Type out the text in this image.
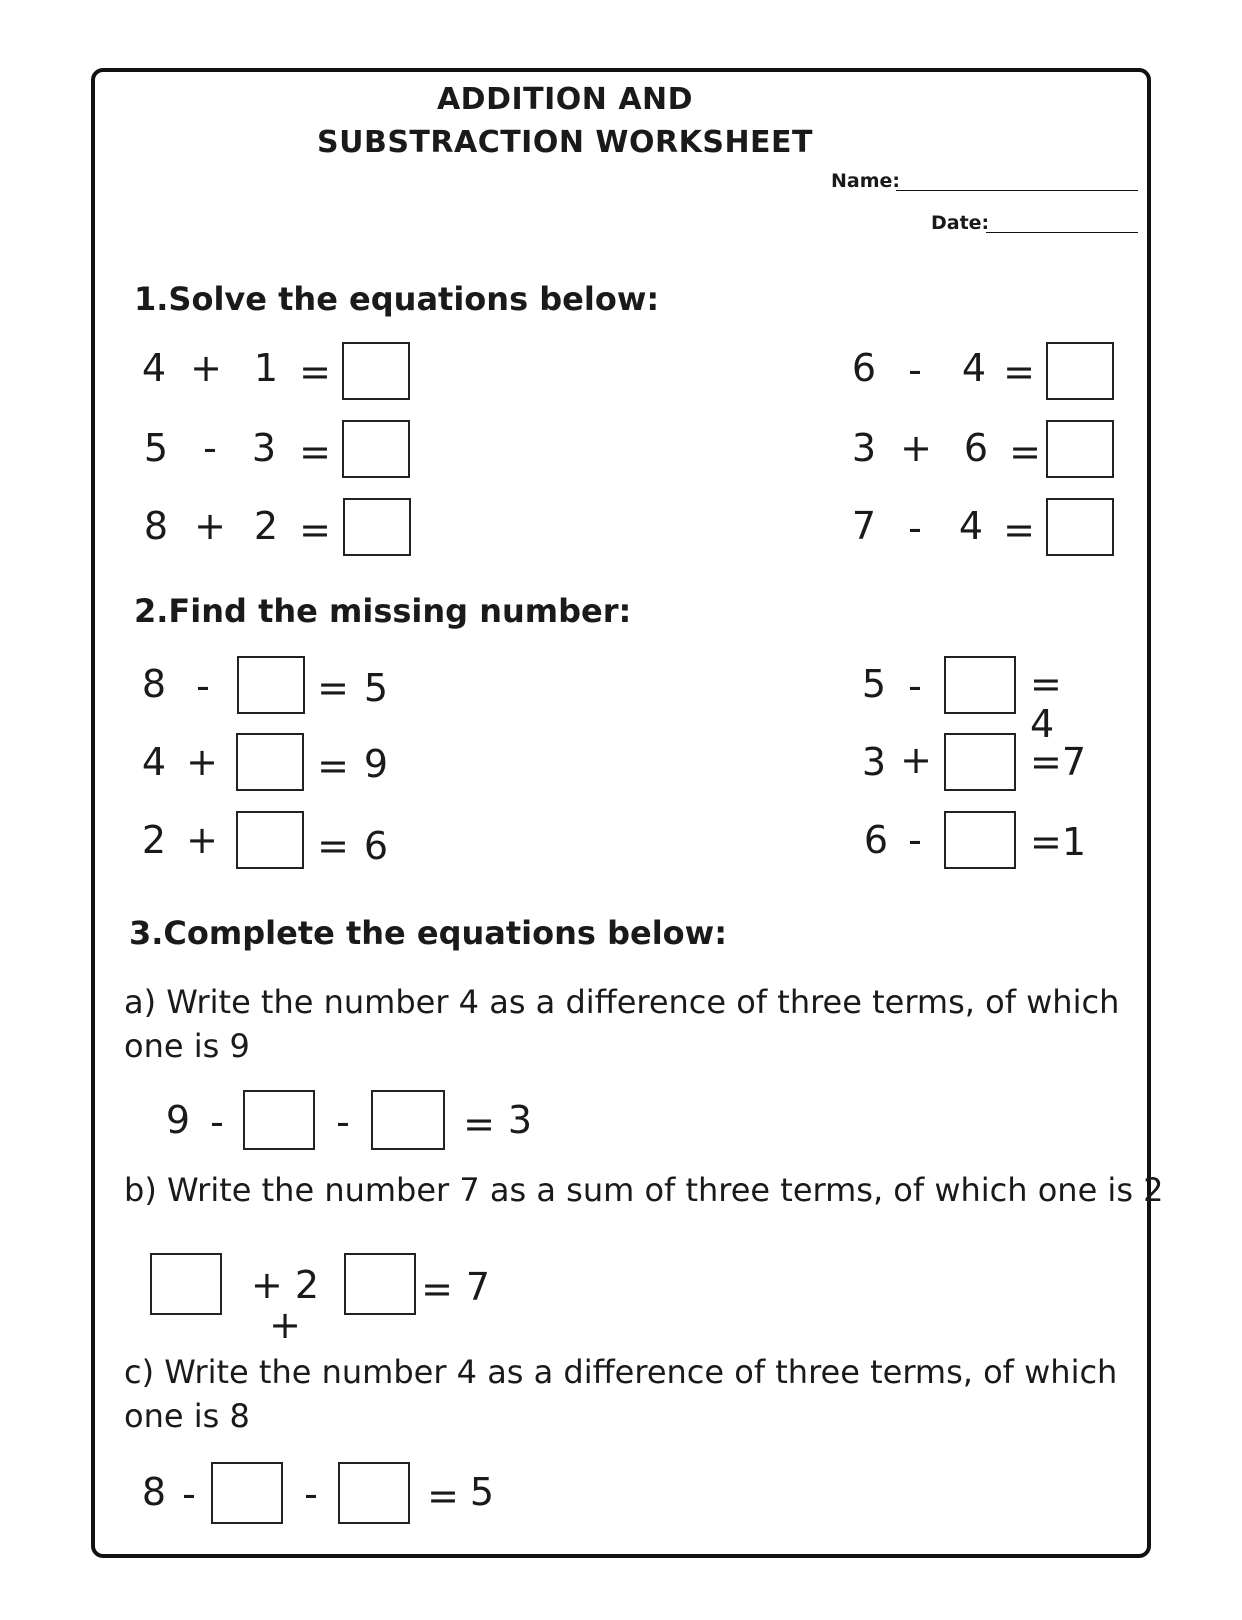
ADDITION AND
SUBSTRACTION WORKSHEET
Name:
Date:
1.Solve the equations below:
4 + 1 =
5 - 3 =
8 + 2 =
6 - 4 =
3 + 6 =
7 - 4 =
2.Find the missing number:
8 -	= 5
4 +	= 9
2 +	= 6
5 -	= 4
3 +	=7
6 -	=1
3.Complete the equations below:
a) Write the number 4 as a difference of three terms, of which
one is 9
9 -	-	= 3
b) Write the number 7 as a sum of three terms, of which one is 2
+ 2 +
= 7
c) Write the number 4 as a difference of three terms, of which
one is 8
8 -	-	= 5
